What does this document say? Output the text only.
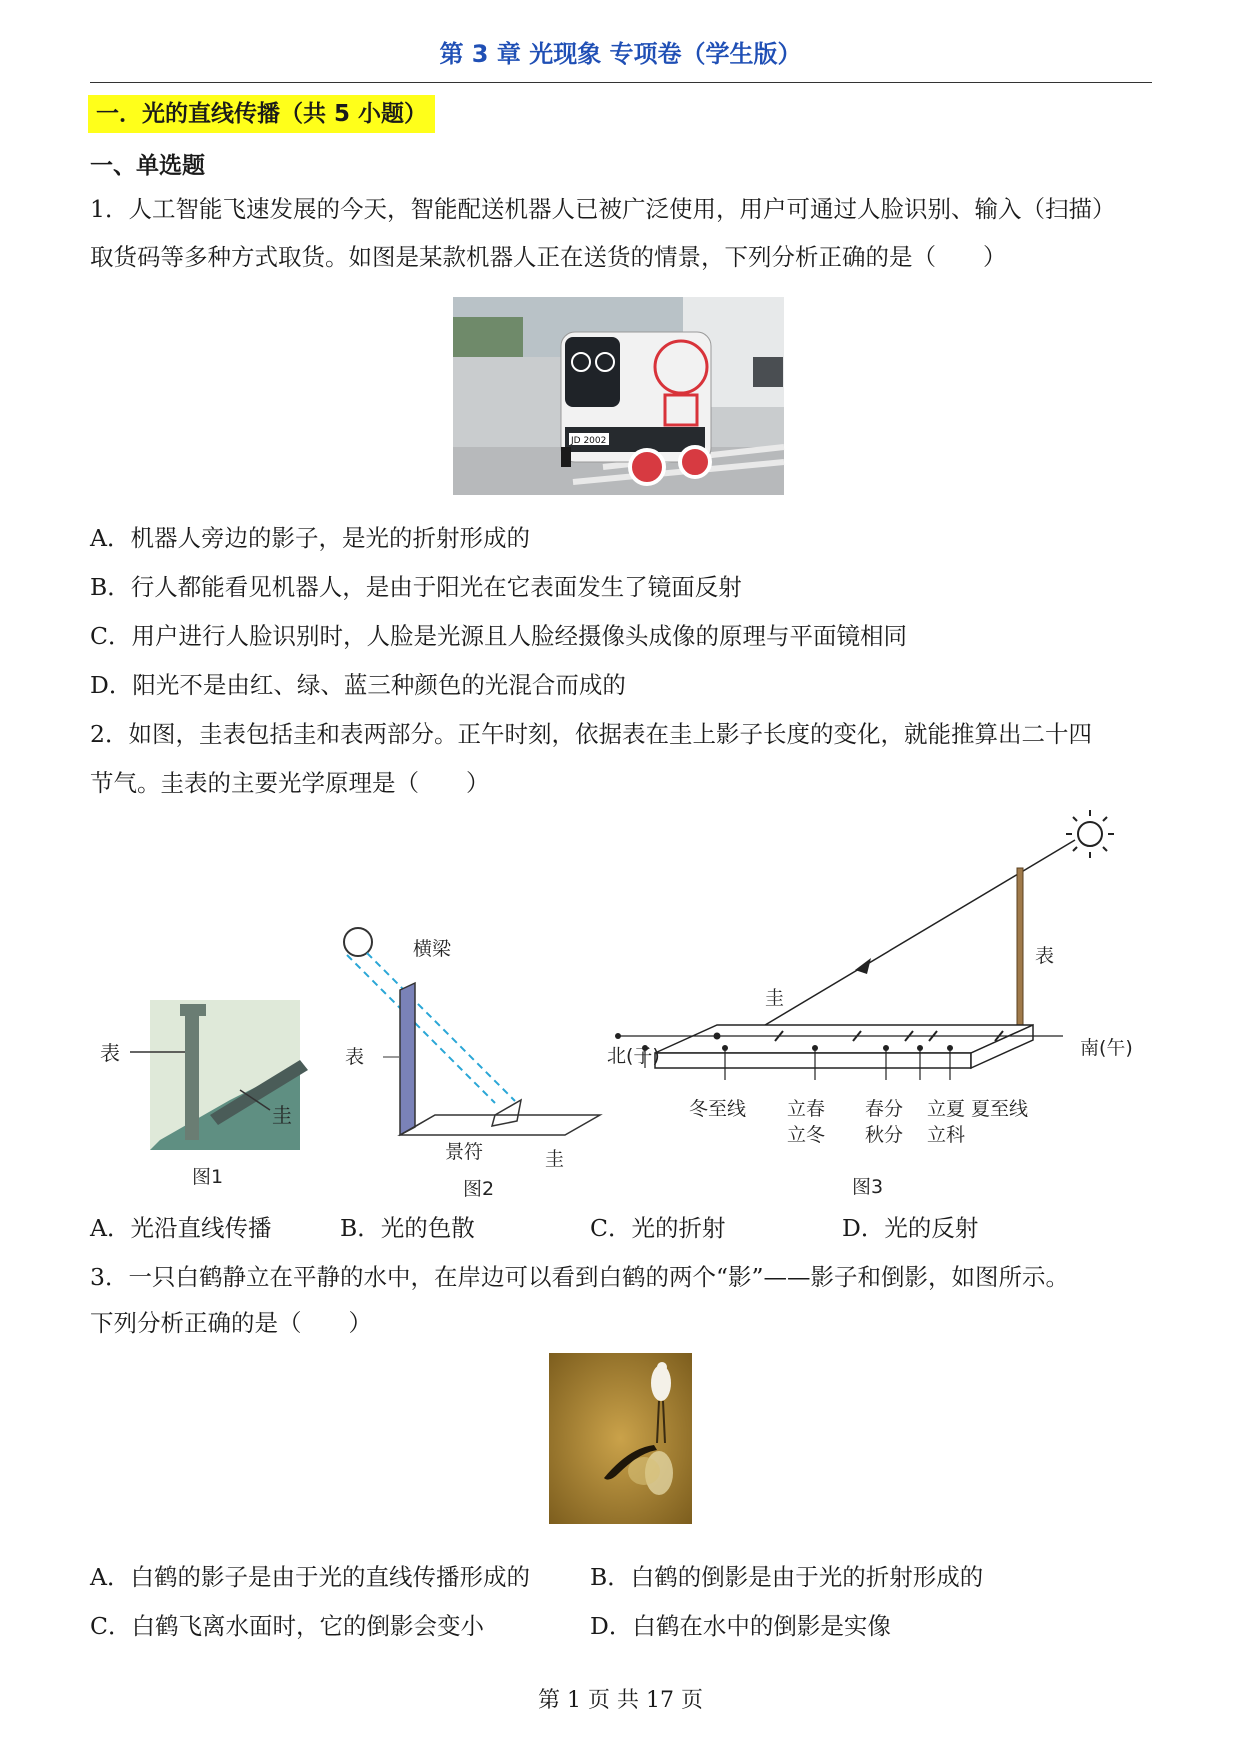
第 3 章 光现象 专项卷（学生版）
一．光的直线传播（共 5 小题）
一、单选题
1．人工智能飞速发展的今天，智能配送机器人已被广泛使用，用户可通过人脸识别、输入（扫描）
取货码等多种方式取货。如图是某款机器人正在送货的情景，下列分析正确的是（　　）
JD 2002
A．机器人旁边的影子，是光的折射形成的
B．行人都能看见机器人，是由于阳光在它表面发生了镜面反射
C．用户进行人脸识别时，人脸是光源且人脸经摄像头成像的原理与平面镜相同
D．阳光不是由红、绿、蓝三种颜色的光混合而成的
2．如图，圭表包括圭和表两部分。正午时刻，依据表在圭上影子长度的变化，就能推算出二十四
节气。圭表的主要光学原理是（　　）
表
圭
图1
横梁
表
景符	圭
图2
北(子)	南(午)
表
圭
冬至线 立春
立冬
春分
秋分
立夏
立科
夏至线
图3
A．光沿直线传播	B．光的色散	C．光的折射	D．光的反射
3．一只白鹤静立在平静的水中，在岸边可以看到白鹤的两个“影”——影子和倒影，如图所示。
下列分析正确的是（　　）
A．白鹤的影子是由于光的直线传播形成的	B．白鹤的倒影是由于光的折射形成的
C．白鹤飞离水面时，它的倒影会变小	D．白鹤在水中的倒影是实像
第 1 页 共 17 页
